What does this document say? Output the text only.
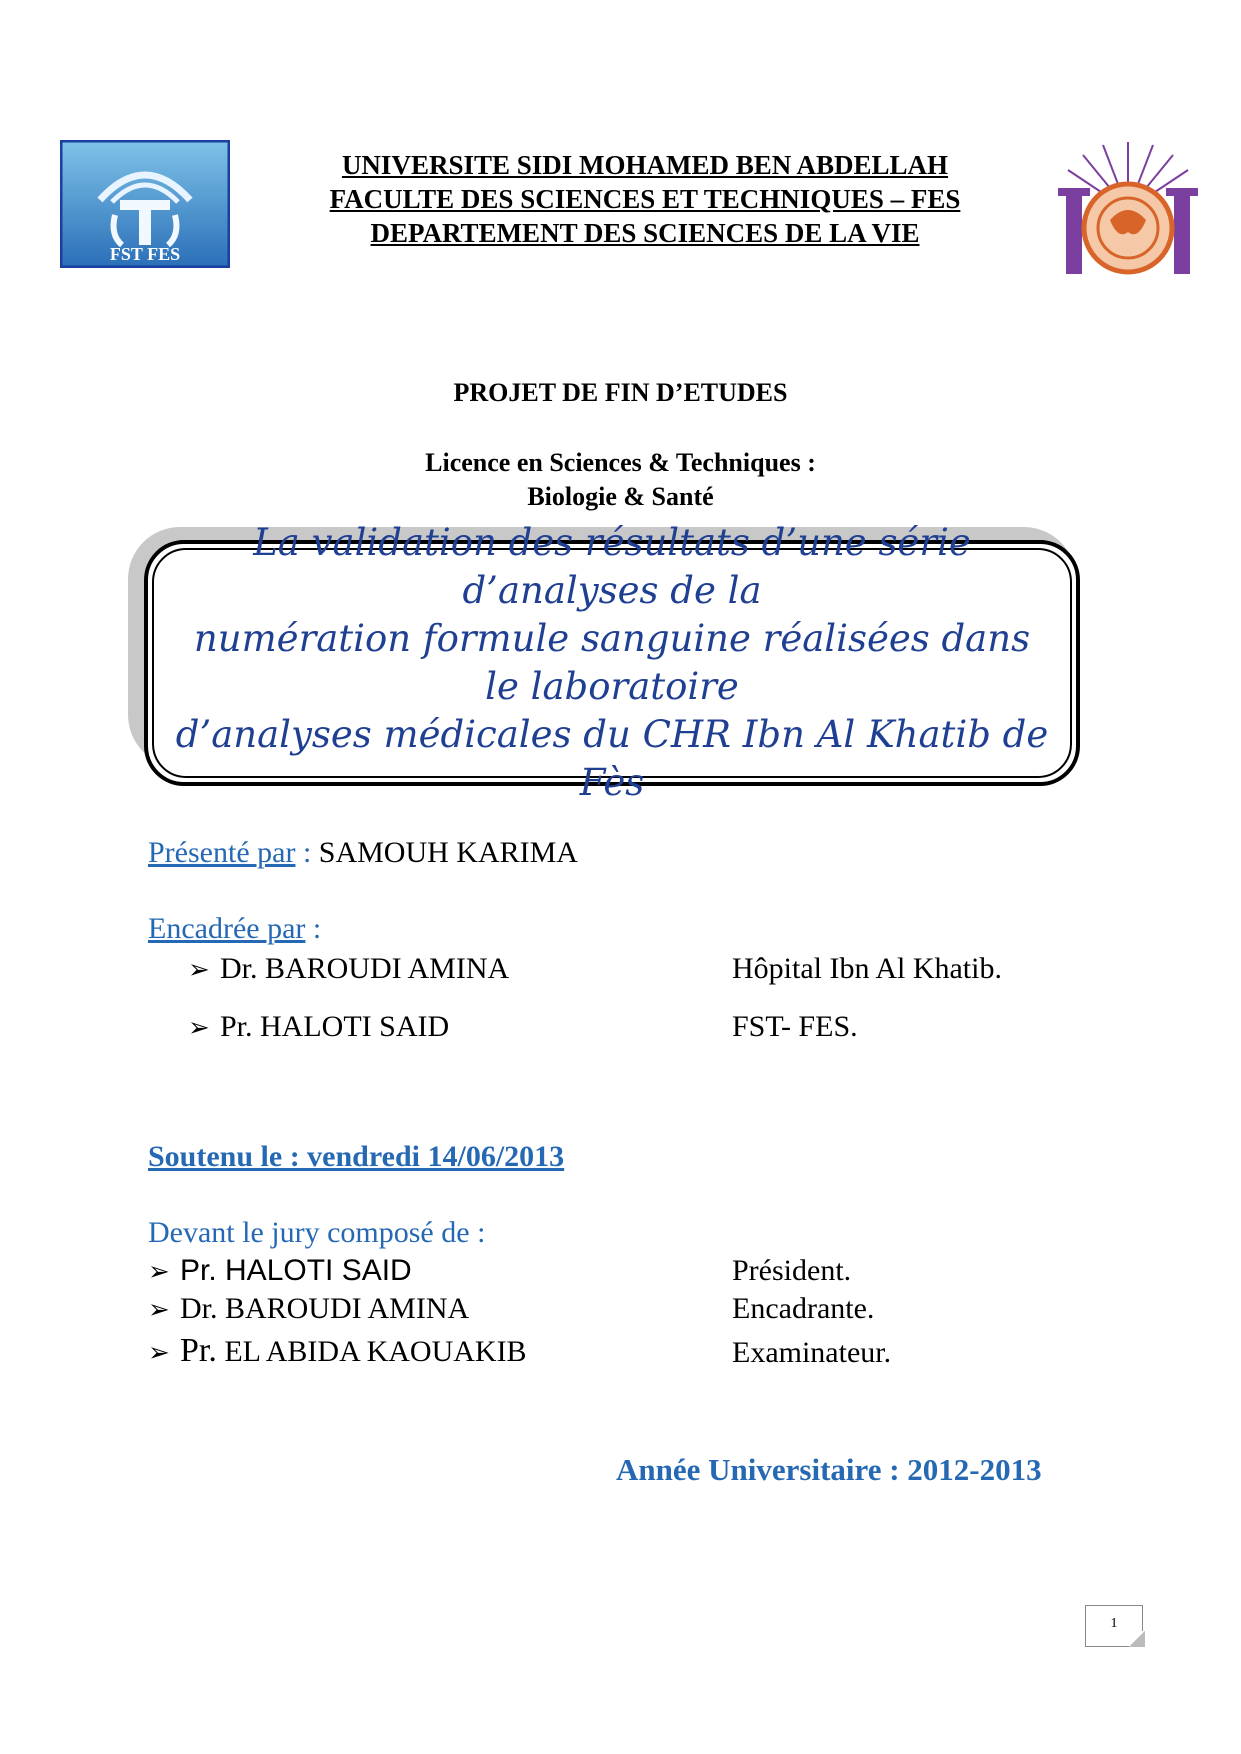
FST FES
UNIVERSITE SIDI MOHAMED BEN ABDELLAH
FACULTE DES SCIENCES ET TECHNIQUES – FES
DEPARTEMENT DES SCIENCES DE LA VIE
PROJET DE FIN D’ETUDES
Licence en Sciences & Techniques :
Biologie & Santé
La validation des résultats d’une série d’analyses de la
numération formule sanguine réalisées dans le laboratoire
d’analyses médicales du CHR Ibn Al Khatib de Fès
Présenté par : SAMOUH KARIMA
Encadrée par :
➢ Dr. BAROUDI AMINA	Hôpital Ibn Al Khatib.
➢ Pr. HALOTI SAID	FST- FES.
Soutenu le : vendredi 14/06/2013
Devant le jury composé de :
➢ Pr. HALOTI SAID	Président.
➢ Dr. BAROUDI AMINA	Encadrante.
➢ Pr. EL ABIDA KAOUAKIB	Examinateur.
Année Universitaire : 2012-2013
1
